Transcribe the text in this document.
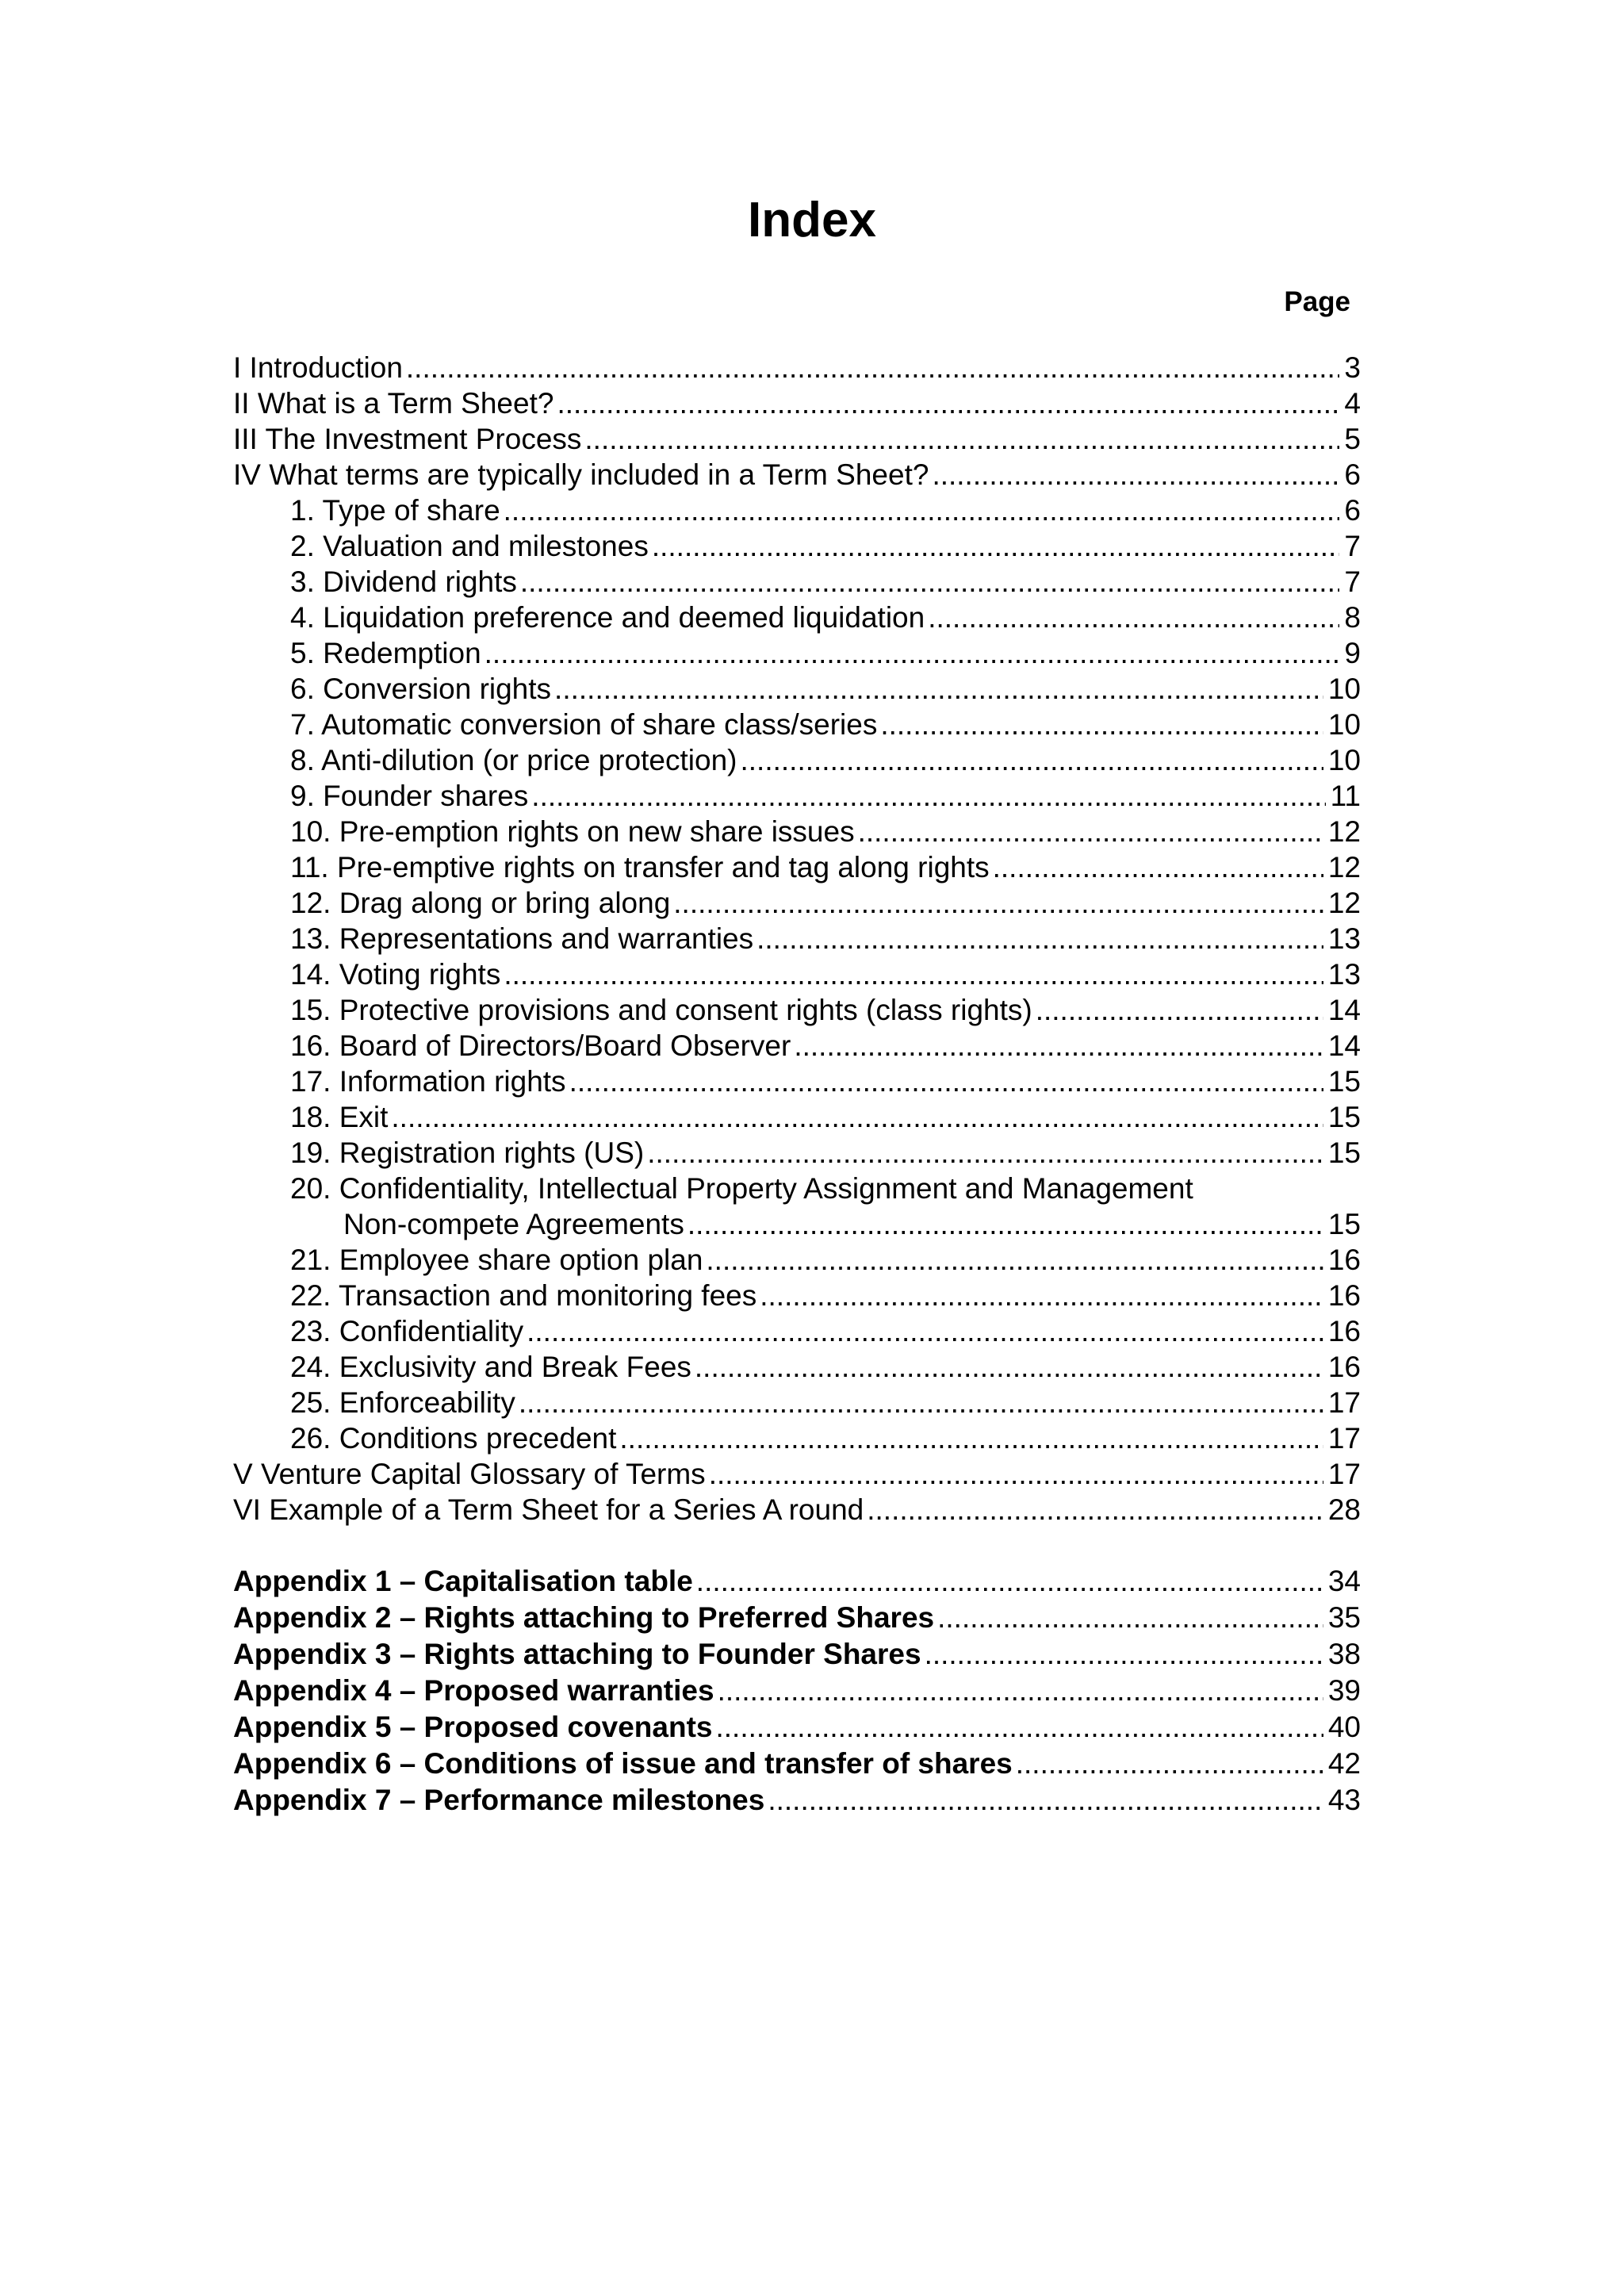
Index
Page
I Introduction .....	3
II What is a Term Sheet? .....	4
III The Investment Process .....	5
IV What terms are typically included in a Term Sheet? .....	6
1. Type of share .....	6
2. Valuation and milestones .....	7
3. Dividend rights .....	7
4. Liquidation preference and deemed liquidation .....	8
5. Redemption .....	9
6. Conversion rights .....	10
7. Automatic conversion of share class/series .....	10
8. Anti-dilution (or price protection) .....	10
9. Founder shares .....	11
10. Pre-emption rights on new share issues .....	12
11. Pre-emptive rights on transfer and tag along rights .....	12
12. Drag along or bring along .....	12
13. Representations and warranties .....	13
14. Voting rights .....	13
15. Protective provisions and consent rights (class rights) .....	14
16. Board of Directors/Board Observer .....	14
17. Information rights .....	15
18. Exit .....	15
19. Registration rights (US) .....	15
20. Confidentiality, Intellectual Property Assignment and Management
Non-compete Agreements .....	15
21. Employee share option plan .....	16
22. Transaction and monitoring fees .....	16
23. Confidentiality .....	16
24. Exclusivity and Break Fees .....	16
25. Enforceability .....	17
26. Conditions precedent .....	17
V Venture Capital Glossary of Terms .....	17
VI Example of a Term Sheet for a Series A round .....	28
Appendix 1 – Capitalisation table .....	34
Appendix 2 – Rights attaching to Preferred Shares .....	35
Appendix 3 – Rights attaching to Founder Shares .....	38
Appendix 4 – Proposed warranties .....	39
Appendix 5 – Proposed covenants .....	40
Appendix 6 – Conditions of issue and transfer of shares .....	42
Appendix 7 – Performance milestones .....	43
